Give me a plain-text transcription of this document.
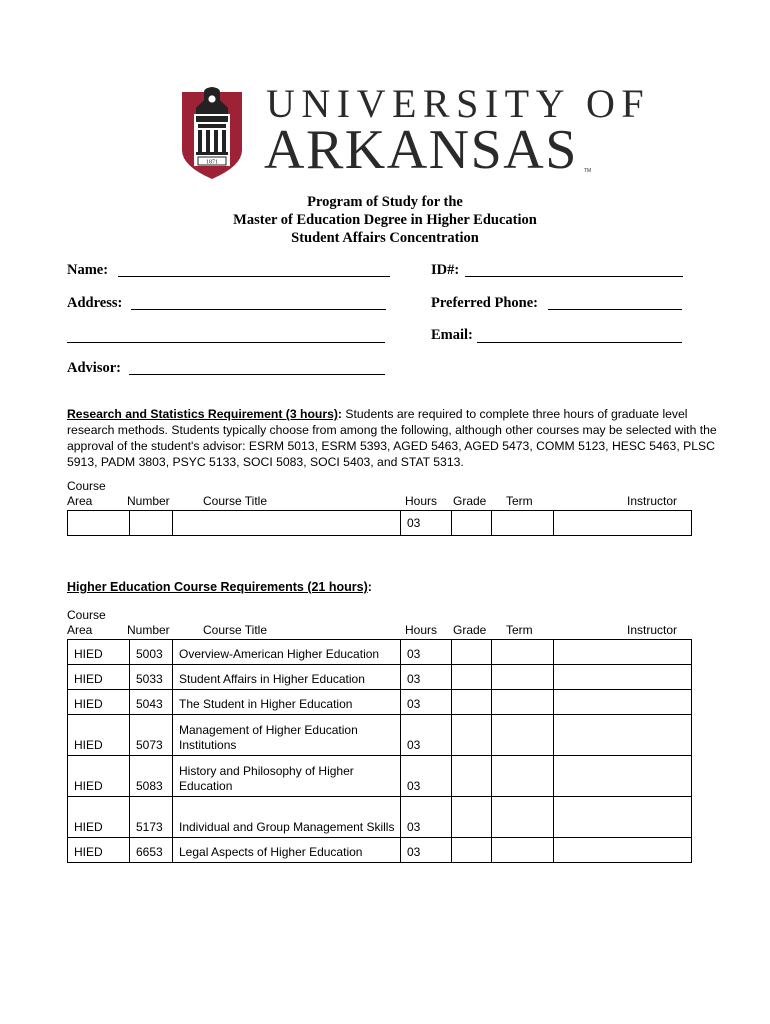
1871
UNIVERSITY OF
ARKANSAS TM
Program of Study for the
Master of Education Degree in Higher Education
Student Affairs Concentration
Name:	ID#:
Address:	Preferred Phone:
Email:
Advisor:
Research and Statistics Requirement (3 hours): Students are required to complete three hours of graduate level research methods. Students typically choose from among the following, although other courses may be selected with the approval of the student's advisor: ESRM 5013, ESRM 5393, AGED 5463, AGED 5473, COMM 5123, HESC 5463, PLSC 5913, PADM 3803, PSYC 5133, SOCI 5083, SOCI 5403, and STAT 5313.
Course
Area	Number	Course Title	Hours Grade Term	Instructor
			03			
Higher Education Course Requirements (21 hours):
Course
Area	Number	Course Title	Hours Grade Term	Instructor
HIED	5003	Overview-American Higher Education	03			
HIED	5033	Student Affairs in Higher Education	03			
HIED	5043	The Student in Higher Education	03			
HIED	5073	Management of Higher Education Institutions	03			
HIED	5083	History and Philosophy of Higher Education	03			
HIED	5173	Individual and Group Management Skills	03			
HIED	6653	Legal Aspects of Higher Education	03			
